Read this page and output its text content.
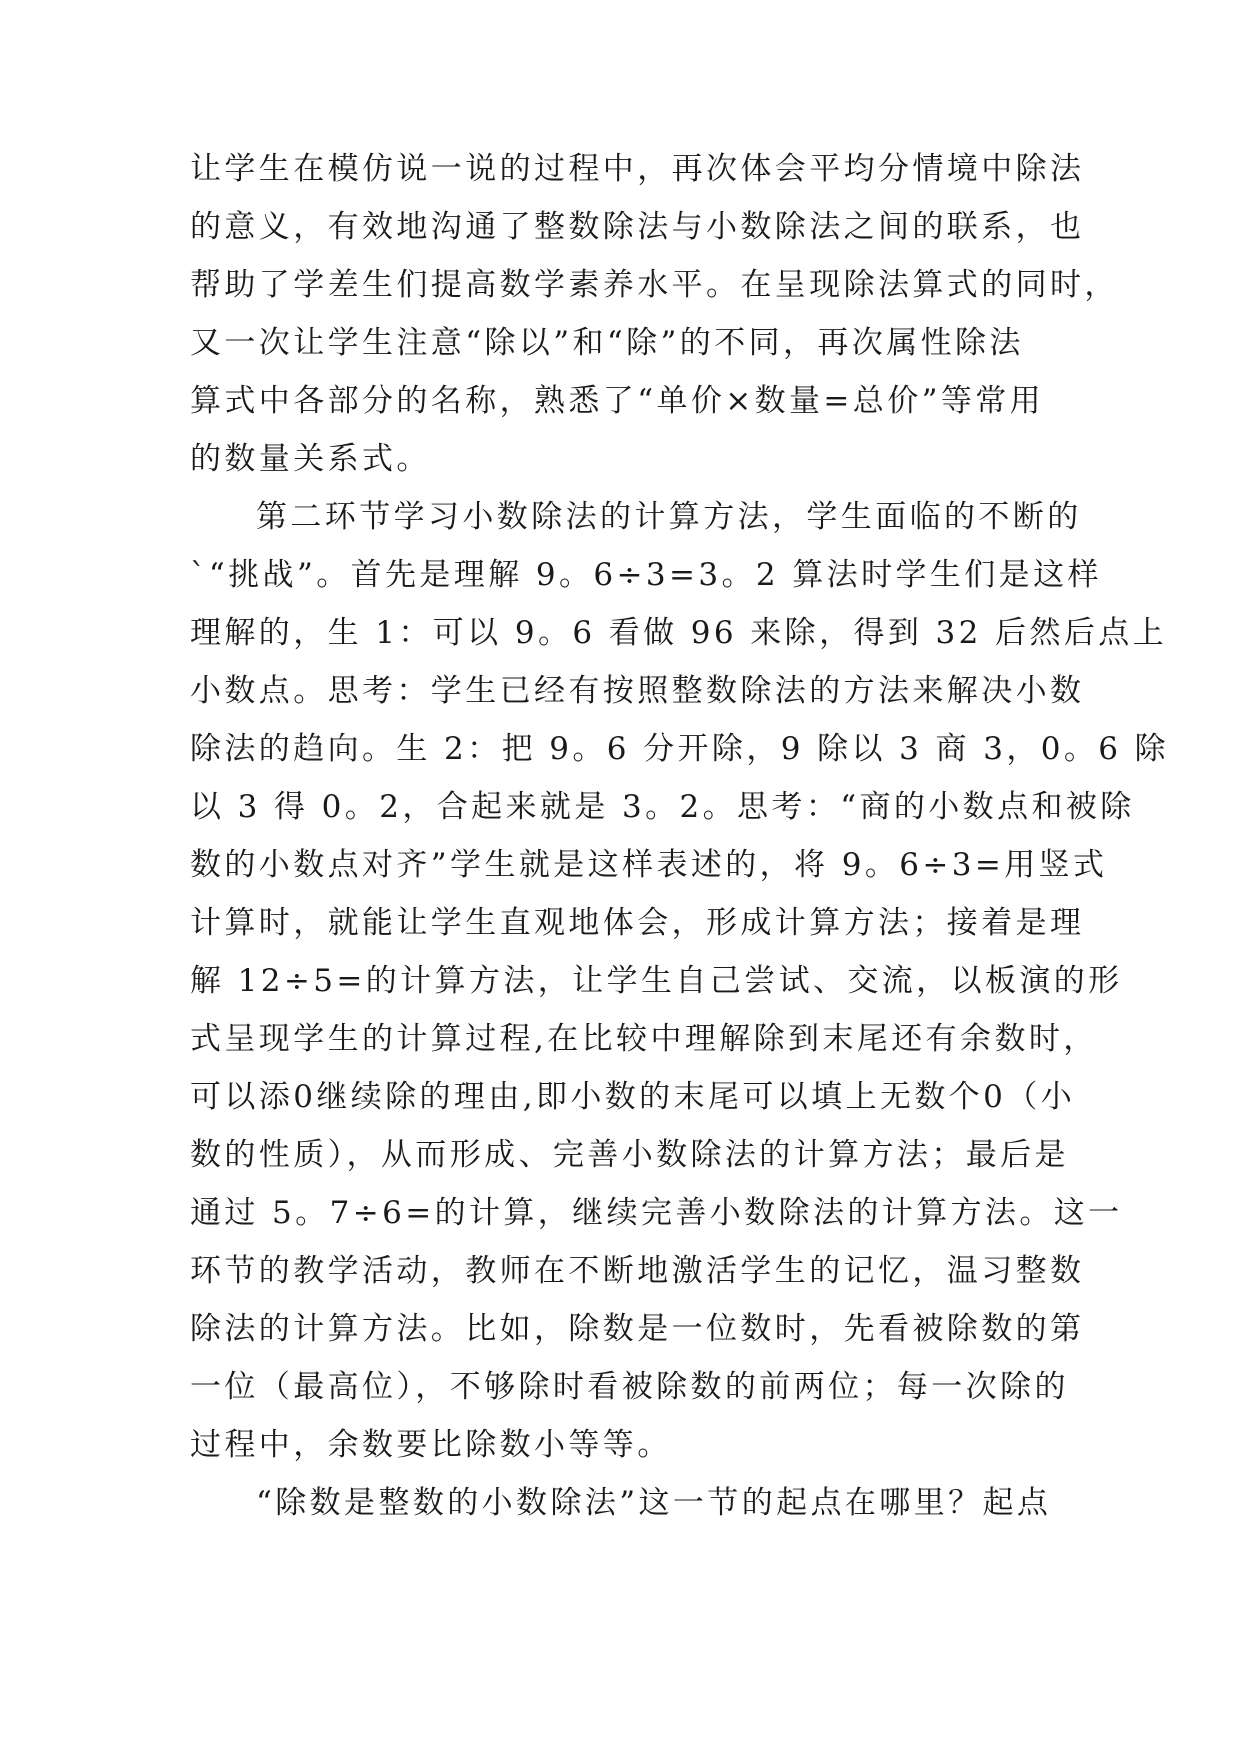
让学生在模仿说一说的过程中，再次体会平均分情境中除法
的意义，有效地沟通了整数除法与小数除法之间的联系，也
帮助了学差生们提高数学素养水平。在呈现除法算式的同时，
又一次让学生注意“除以”和“除”的不同，再次属性除法
算式中各部分的名称，熟悉了“单价×数量=总价”等常用
的数量关系式。
第二环节学习小数除法的计算方法，学生面临的不断的
`“挑战”。首先是理解 9。6÷3=3。2 算法时学生们是这样
理解的，生 1：可以 9。6 看做 96 来除，得到 32 后然后点上
小数点。思考：学生已经有按照整数除法的方法来解决小数
除法的趋向。生 2：把 9。6 分开除，9 除以 3 商 3，0。6 除
以 3 得 0。2，合起来就是 3。2。思考：“商的小数点和被除
数的小数点对齐”学生就是这样表述的，将 9。6÷3=用竖式
计算时，就能让学生直观地体会，形成计算方法；接着是理
解 12÷5=的计算方法，让学生自己尝试、交流，以板演的形
式呈现学生的计算过程,在比较中理解除到末尾还有余数时，
可以添0继续除的理由,即小数的末尾可以填上无数个0（小
数的性质），从而形成、完善小数除法的计算方法；最后是
通过 5。7÷6=的计算，继续完善小数除法的计算方法。这一
环节的教学活动，教师在不断地激活学生的记忆，温习整数
除法的计算方法。比如，除数是一位数时，先看被除数的第
一位（最高位），不够除时看被除数的前两位；每一次除的
过程中，余数要比除数小等等。
“除数是整数的小数除法”这一节的起点在哪里？起点
